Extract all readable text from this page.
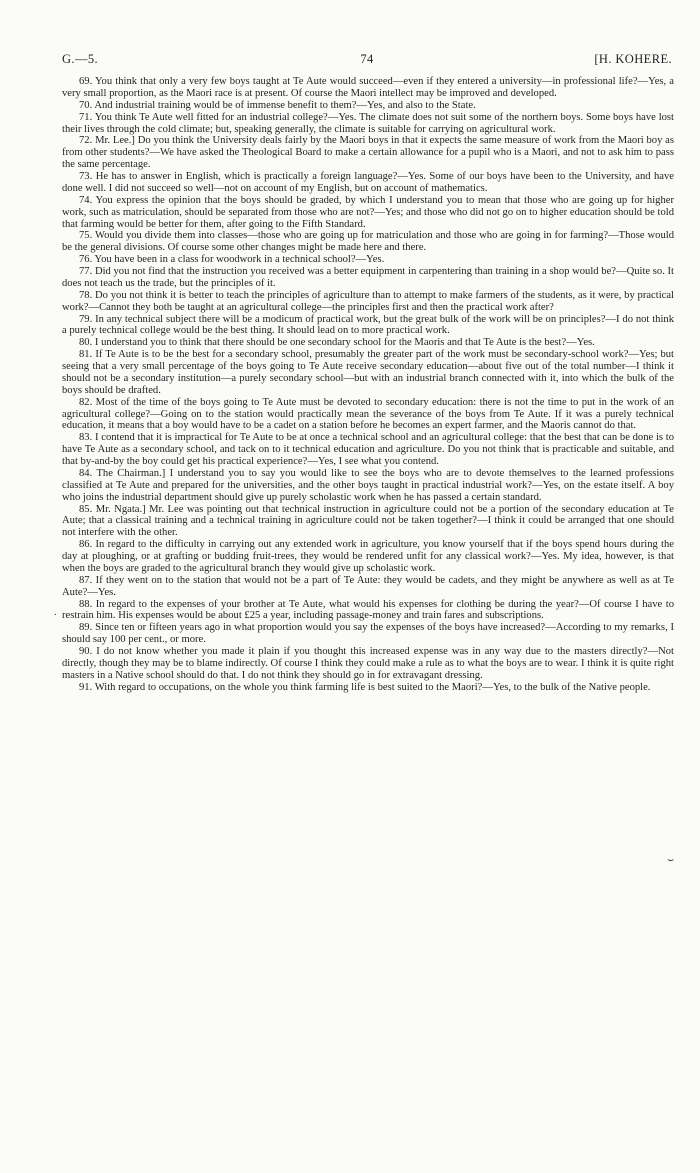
G.—5.	74	[H. KOHERE.

69. You think that only a very few boys taught at Te Aute would succeed—even if they entered a university—in professional life?—Yes, a very small proportion, as the Maori race is at present. Of course the Maori intellect may be improved and developed.

70. And industrial training would be of immense benefit to them?—Yes, and also to the State.

71. You think Te Aute well fitted for an industrial college?—Yes. The climate does not suit some of the northern boys. Some boys have lost their lives through the cold climate; but, speaking generally, the climate is suitable for carrying on agricultural work.

72. Mr. Lee.] Do you think the University deals fairly by the Maori boys in that it expects the same measure of work from the Maori boy as from other students?—We have asked the Theological Board to make a certain allowance for a pupil who is a Maori, and not to ask him to pass the same percentage.

73. He has to answer in English, which is practically a foreign language?—Yes. Some of our boys have been to the University, and have done well. I did not succeed so well—not on account of my English, but on account of mathematics.

74. You express the opinion that the boys should be graded, by which I understand you to mean that those who are going up for higher work, such as matriculation, should be separated from those who are not?—Yes; and those who did not go on to higher education should be told that farming would be better for them, after going to the Fifth Standard.

75. Would you divide them into classes—those who are going up for matriculation and those who are going in for farming?—Those would be the general divisions. Of course some other changes might be made here and there.

76. You have been in a class for woodwork in a technical school?—Yes.

77. Did you not find that the instruction you received was a better equipment in carpentering than training in a shop would be?—Quite so. It does not teach us the trade, but the principles of it.

78. Do you not think it is better to teach the principles of agriculture than to attempt to make farmers of the students, as it were, by practical work?—Cannot they both be taught at an agricultural college—the principles first and then the practical work after?

79. In any technical subject there will be a modicum of practical work, but the great bulk of the work will be on principles?—I do not think a purely technical college would be the best thing. It should lead on to more practical work.

80. I understand you to think that there should be one secondary school for the Maoris and that Te Aute is the best?—Yes.

81. If Te Aute is to be the best for a secondary school, presumably the greater part of the work must be secondary-school work?—Yes; but seeing that a very small percentage of the boys going to Te Aute receive secondary education—about five out of the total number—I think it should not be a secondary institution—a purely secondary school—but with an industrial branch connected with it, into which the bulk of the boys should be drafted.

82. Most of the time of the boys going to Te Aute must be devoted to secondary education: there is not the time to put in the work of an agricultural college?—Going on to the station would practically mean the severance of the boys from Te Aute. If it was a purely technical education, it means that a boy would have to be a cadet on a station before he becomes an expert farmer, and the Maoris cannot do that.

83. I contend that it is impractical for Te Aute to be at once a technical school and an agricultural college: that the best that can be done is to have Te Aute as a secondary school, and tack on to it technical education and agriculture. Do you not think that is practicable and suitable, and that by-and-by the boy could get his practical experience?—Yes, I see what you contend.

84. The Chairman.] I understand you to say you would like to see the boys who are to devote themselves to the learned professions classified at Te Aute and prepared for the universities, and the other boys taught in practical industrial work?—Yes, on the estate itself. A boy who joins the industrial department should give up purely scholastic work when he has passed a certain standard.

85. Mr. Ngata.] Mr. Lee was pointing out that technical instruction in agriculture could not be a portion of the secondary education at Te Aute; that a classical training and a technical training in agriculture could not be taken together?—I think it could be arranged that one should not interfere with the other.

86. In regard to the difficulty in carrying out any extended work in agriculture, you know yourself that if the boys spend hours during the day at ploughing, or at grafting or budding fruit-trees, they would be rendered unfit for any classical work?—Yes. My idea, however, is that when the boys are graded to the agricultural branch they would give up scholastic work.

87. If they went on to the station that would not be a part of Te Aute: they would be cadets, and they might be anywhere as well as at Te Aute?—Yes.

88. In regard to the expenses of your brother at Te Aute, what would his expenses for clothing be during the year?—Of course I have to restrain him. His expenses would be about £25 a year, including passage-money and train fares and subscriptions.

89. Since ten or fifteen years ago in what proportion would you say the expenses of the boys have increased?—According to my remarks, I should say 100 per cent., or more.

90. I do not know whether you made it plain if you thought this increased expense was in any way due to the masters directly?—Not directly, though they may be to blame indirectly. Of course I think they could make a rule as to what the boys are to wear. I think it is quite right masters in a Native school should do that. I do not think they should go in for extravagant dressing.

91. With regard to occupations, on the whole you think farming life is best suited to the Maori?—Yes, to the bulk of the Native people.

.
⌣
